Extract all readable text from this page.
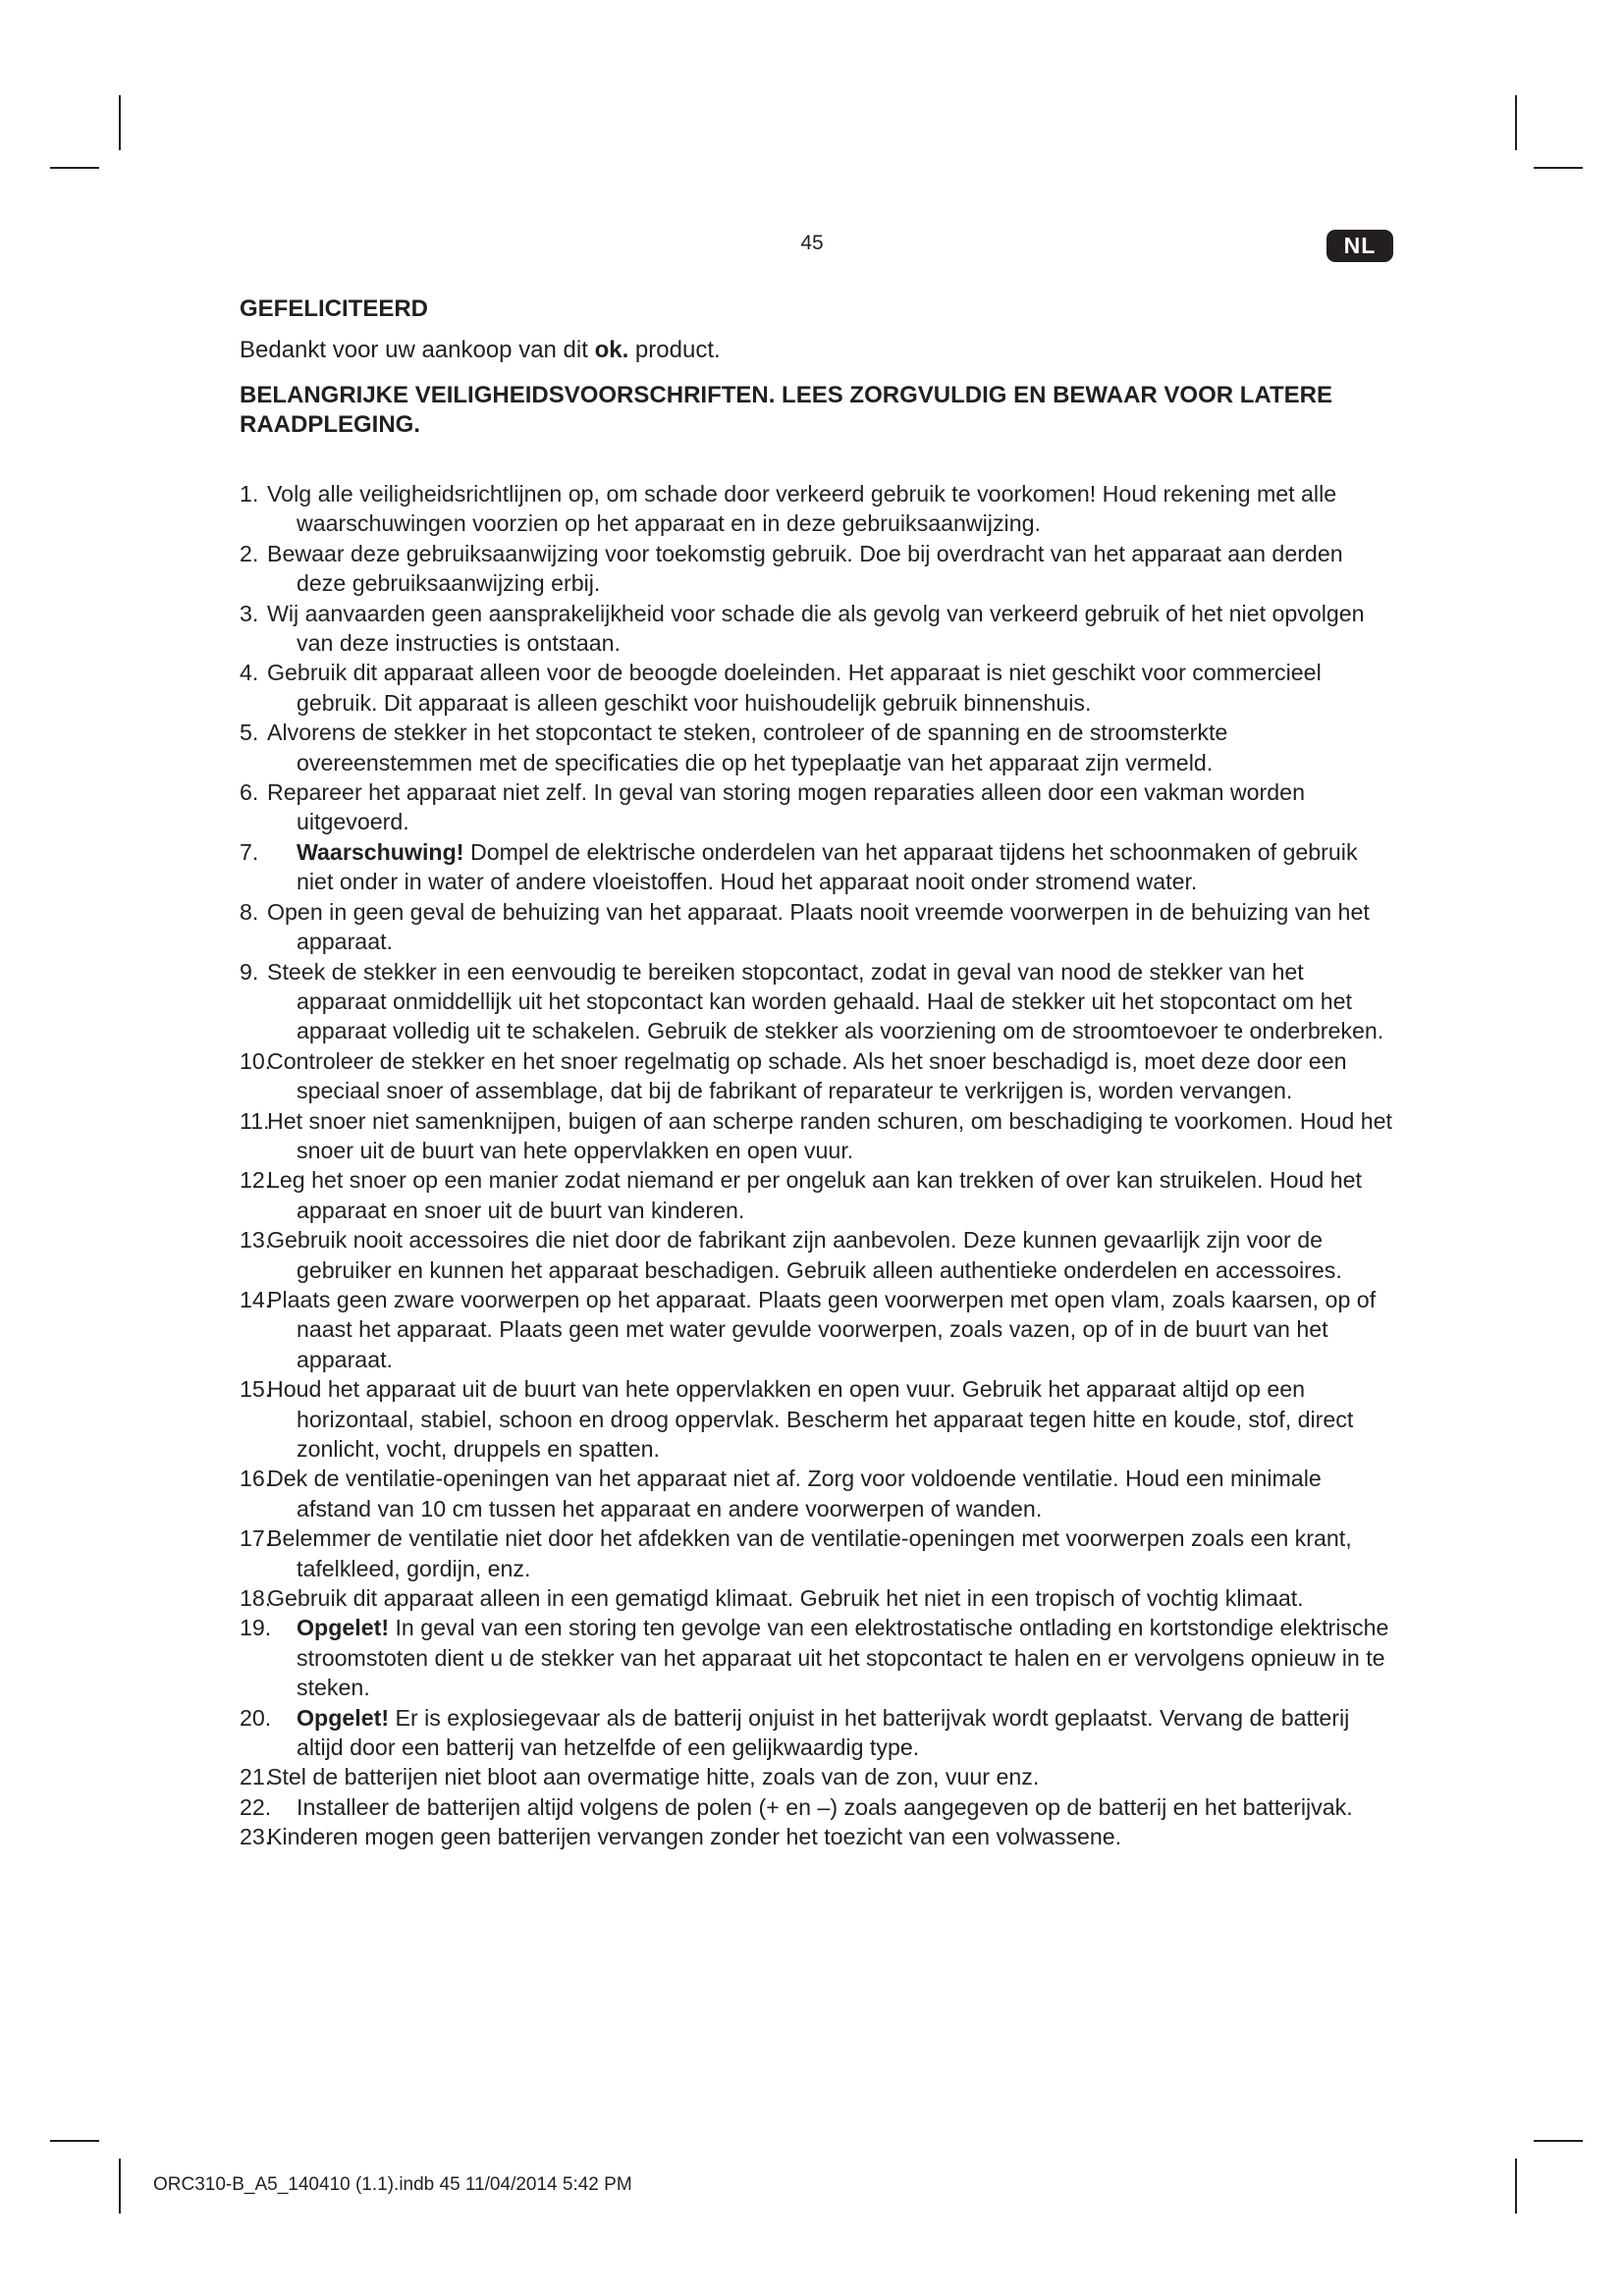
45	NL
GEFELICITEERD

Bedankt voor uw aankoop van dit ok. product.

BELANGRIJKE VEILIGHEIDSVOORSCHRIFTEN. LEES ZORGVULDIG EN BEWAAR VOOR LATERE RAADPLEGING.
1. Volg alle veiligheidsrichtlijnen op, om schade door verkeerd gebruik te voorkomen! Houd rekening met alle waarschuwingen voorzien op het apparaat en in deze gebruiksaanwijzing.
2. Bewaar deze gebruiksaanwijzing voor toekomstig gebruik. Doe bij overdracht van het apparaat aan derden deze gebruiksaanwijzing erbij.
3. Wij aanvaarden geen aansprakelijkheid voor schade die als gevolg van verkeerd gebruik of het niet opvolgen van deze instructies is ontstaan.
4. Gebruik dit apparaat alleen voor de beoogde doeleinden. Het apparaat is niet geschikt voor commercieel gebruik. Dit apparaat is alleen geschikt voor huishoudelijk gebruik binnenshuis.
5. Alvorens de stekker in het stopcontact te steken, controleer of de spanning en de stroomsterkte overeenstemmen met de specificaties die op het typeplaatje van het apparaat zijn vermeld.
6. Repareer het apparaat niet zelf. In geval van storing mogen reparaties alleen door een vakman worden uitgevoerd.
7. Waarschuwing! Dompel de elektrische onderdelen van het apparaat tijdens het schoonmaken of gebruik niet onder in water of andere vloeistoffen. Houd het apparaat nooit onder stromend water.
8. Open in geen geval de behuizing van het apparaat. Plaats nooit vreemde voorwerpen in de behuizing van het apparaat.
9. Steek de stekker in een eenvoudig te bereiken stopcontact, zodat in geval van nood de stekker van het apparaat onmiddellijk uit het stopcontact kan worden gehaald. Haal de stekker uit het stopcontact om het apparaat volledig uit te schakelen. Gebruik de stekker als voorziening om de stroomtoevoer te onderbreken.
10.
Controleer de stekker en het snoer regelmatig op schade. Als het snoer beschadigd is, moet deze door een speciaal snoer of assemblage, dat bij de fabrikant of reparateur te verkrijgen is, worden vervangen.
11.
Het snoer niet samenknijpen, buigen of aan scherpe randen schuren, om beschadiging te voorkomen. Houd het snoer uit de buurt van hete oppervlakken en open vuur.
12.
Leg het snoer op een manier zodat niemand er per ongeluk aan kan trekken of over kan struikelen. Houd het apparaat en snoer uit de buurt van kinderen.
13.
Gebruik nooit accessoires die niet door de fabrikant zijn aanbevolen. Deze kunnen gevaarlijk zijn voor de gebruiker en kunnen het apparaat beschadigen. Gebruik alleen authentieke onderdelen en accessoires.
14.
Plaats geen zware voorwerpen op het apparaat. Plaats geen voorwerpen met open vlam, zoals kaarsen, op of naast het apparaat. Plaats geen met water gevulde voorwerpen, zoals vazen, op of in de buurt van het apparaat.
15.
Houd het apparaat uit de buurt van hete oppervlakken en open vuur. Gebruik het apparaat altijd op een horizontaal, stabiel, schoon en droog oppervlak. Bescherm het apparaat tegen hitte en koude, stof, direct zonlicht, vocht, druppels en spatten.
16.
Dek de ventilatie-openingen van het apparaat niet af. Zorg voor voldoende ventilatie. Houd een minimale afstand van 10 cm tussen het apparaat en andere voorwerpen of wanden.
17.
Belemmer de ventilatie niet door het afdekken van de ventilatie-openingen met voorwerpen zoals een krant, tafelkleed, gordijn, enz.
18.
Gebruik dit apparaat alleen in een gematigd klimaat. Gebruik het niet in een tropisch of vochtig klimaat.
19. Opgelet! In geval van een storing ten gevolge van een elektrostatische ontlading en kortstondige elektrische stroomstoten dient u de stekker van het apparaat uit het stopcontact te halen en er vervolgens opnieuw in te steken.
20. Opgelet! Er is explosiegevaar als de batterij onjuist in het batterijvak wordt geplaatst. Vervang de batterij altijd door een batterij van hetzelfde of een gelijkwaardig type.
21.
Stel de batterijen niet bloot aan overmatige hitte, zoals van de zon, vuur enz.
22. Installeer de batterijen altijd volgens de polen (+ en –) zoals aangegeven op de batterij en het batterijvak.
23.
Kinderen mogen geen batterijen vervangen zonder het toezicht van een volwassene.
ORC310-B_A5_140410 (1.1).indb 45 11/04/2014 5:42 PM
